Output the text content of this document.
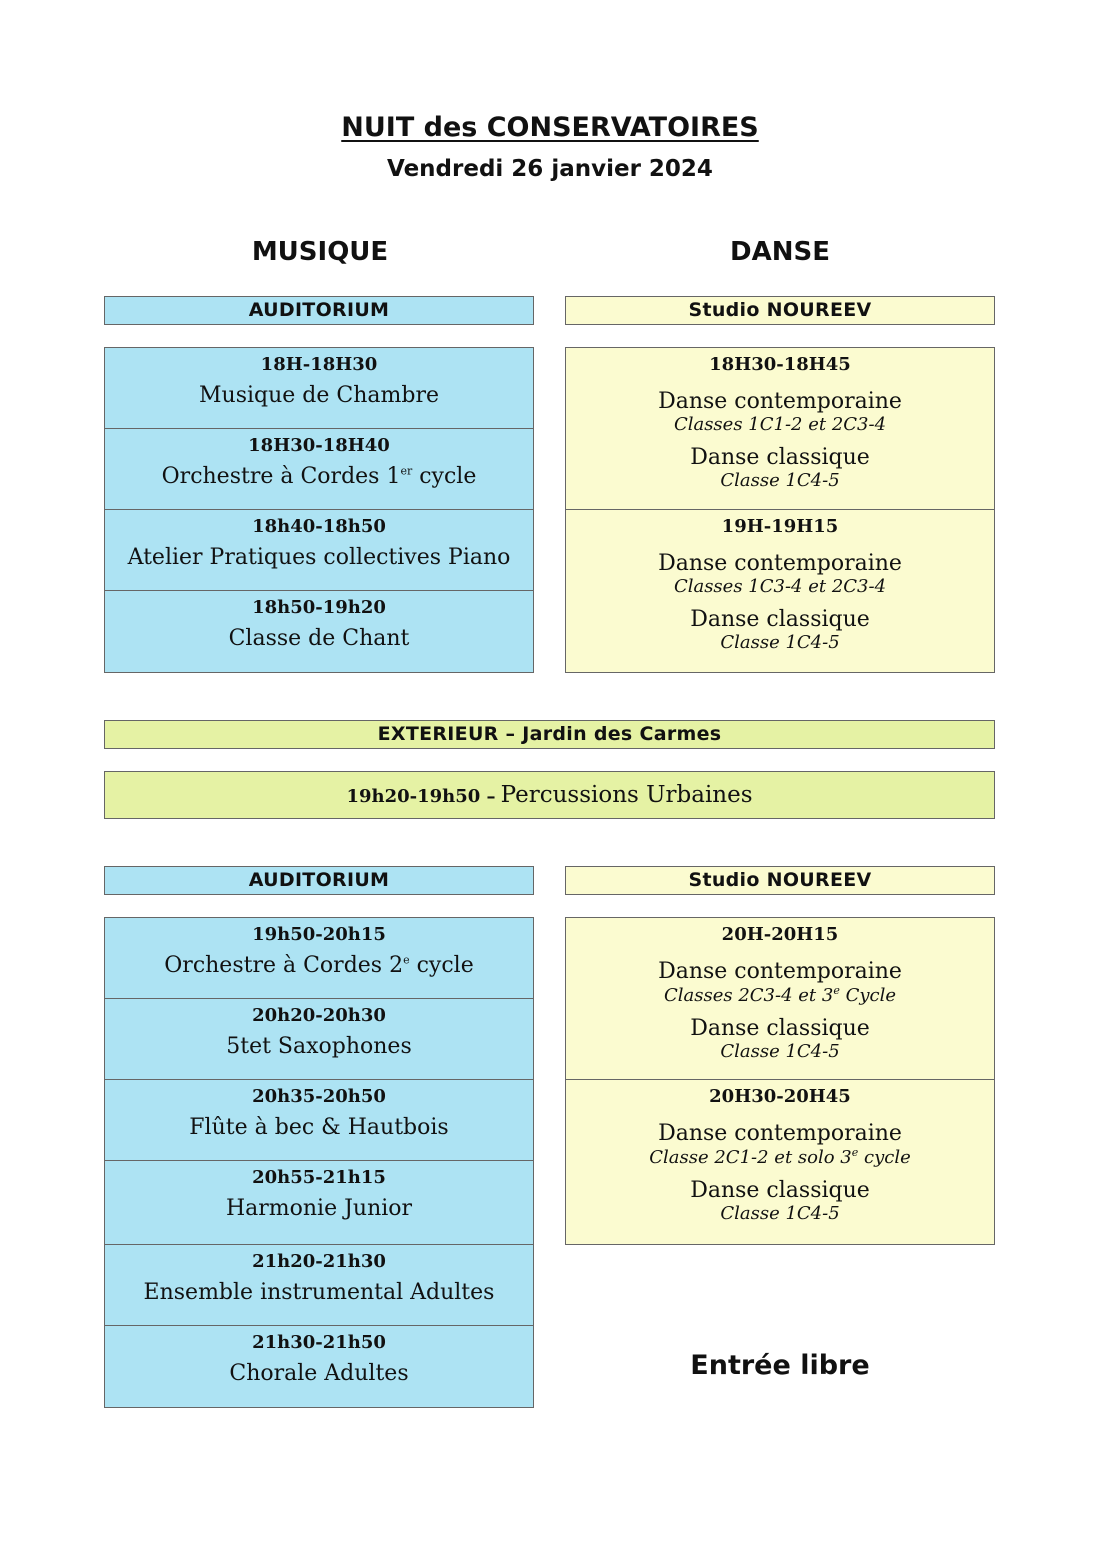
NUIT des CONSERVATOIRES
Vendredi 26 janvier 2024
MUSIQUE	DANSE
AUDITORIUM	Studio NOUREEV
18H-18H30
Musique de Chambre
18H30-18H40
Orchestre à Cordes 1er cycle
18h40-18h50
Atelier Pratiques collectives Piano
18h50-19h20
Classe de Chant
18H30-18H45
Danse contemporaine
Classes 1C1-2 et 2C3-4
Danse classique
Classe 1C4-5
19H-19H15
Danse contemporaine
Classes 1C3-4 et 2C3-4
Danse classique
Classe 1C4-5
EXTERIEUR – Jardin des Carmes
19h20-19h50 – Percussions Urbaines
AUDITORIUM	Studio NOUREEV
19h50-20h15
Orchestre à Cordes 2e cycle
20h20-20h30
5tet Saxophones
20h35-20h50
Flûte à bec & Hautbois
20h55-21h15
Harmonie Junior
21h20-21h30
Ensemble instrumental Adultes
21h30-21h50
Chorale Adultes
20H-20H15
Danse contemporaine
Classes 2C3-4 et 3e Cycle
Danse classique
Classe 1C4-5
20H30-20H45
Danse contemporaine
Classe 2C1-2 et solo 3e cycle
Danse classique
Classe 1C4-5
Entrée libre
